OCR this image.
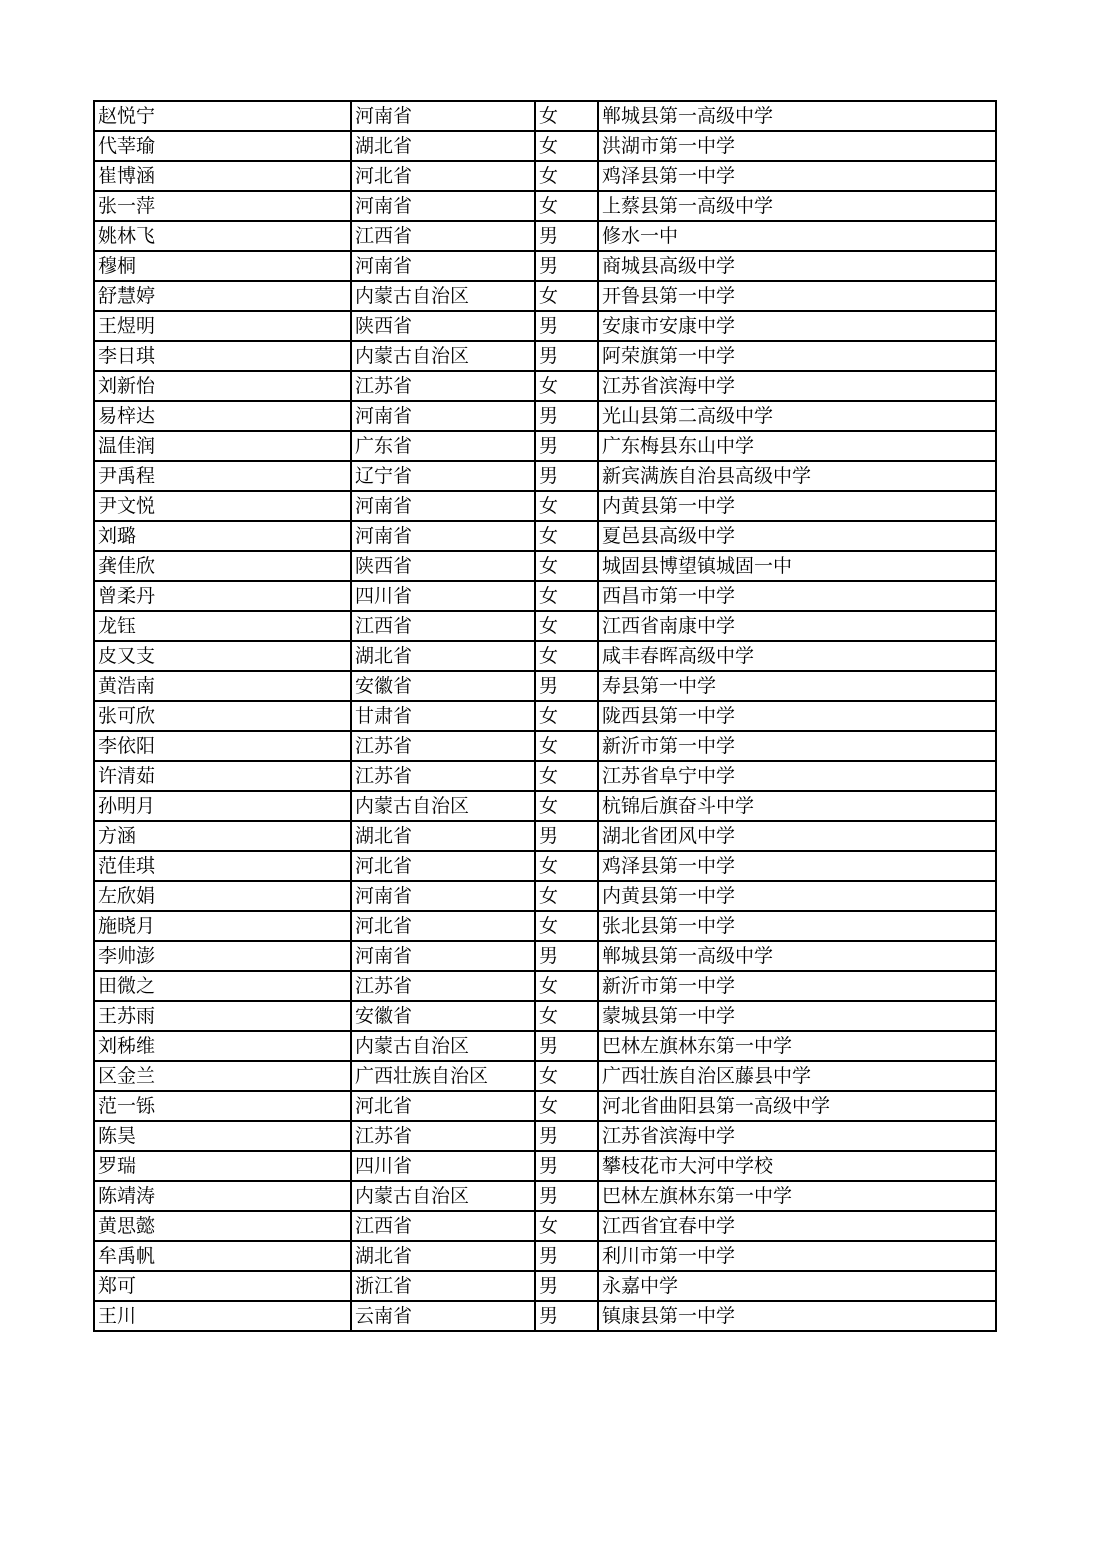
赵悦宁	河南省	女	郸城县第一高级中学
代莘瑜	湖北省	女	洪湖市第一中学
崔博涵	河北省	女	鸡泽县第一中学
张一萍	河南省	女	上蔡县第一高级中学
姚林飞	江西省	男	修水一中
穆桐	河南省	男	商城县高级中学
舒慧婷	内蒙古自治区	女	开鲁县第一中学
王煜明	陕西省	男	安康市安康中学
李日琪	内蒙古自治区	男	阿荣旗第一中学
刘新怡	江苏省	女	江苏省滨海中学
易梓达	河南省	男	光山县第二高级中学
温佳润	广东省	男	广东梅县东山中学
尹禹程	辽宁省	男	新宾满族自治县高级中学
尹文悦	河南省	女	内黄县第一中学
刘璐	河南省	女	夏邑县高级中学
龚佳欣	陕西省	女	城固县博望镇城固一中
曾柔丹	四川省	女	西昌市第一中学
龙钰	江西省	女	江西省南康中学
皮又支	湖北省	女	咸丰春晖高级中学
黄浩南	安徽省	男	寿县第一中学
张可欣	甘肃省	女	陇西县第一中学
李依阳	江苏省	女	新沂市第一中学
许清茹	江苏省	女	江苏省阜宁中学
孙明月	内蒙古自治区	女	杭锦后旗奋斗中学
方涵	湖北省	男	湖北省团风中学
范佳琪	河北省	女	鸡泽县第一中学
左欣娟	河南省	女	内黄县第一中学
施晓月	河北省	女	张北县第一中学
李帅澎	河南省	男	郸城县第一高级中学
田微之	江苏省	女	新沂市第一中学
王苏雨	安徽省	女	蒙城县第一中学
刘秭维	内蒙古自治区	男	巴林左旗林东第一中学
区金兰	广西壮族自治区	女	广西壮族自治区藤县中学
范一铄	河北省	女	河北省曲阳县第一高级中学
陈昊	江苏省	男	江苏省滨海中学
罗瑞	四川省	男	攀枝花市大河中学校
陈靖涛	内蒙古自治区	男	巴林左旗林东第一中学
黄思懿	江西省	女	江西省宜春中学
牟禹帆	湖北省	男	利川市第一中学
郑可	浙江省	男	永嘉中学
王川	云南省	男	镇康县第一中学
